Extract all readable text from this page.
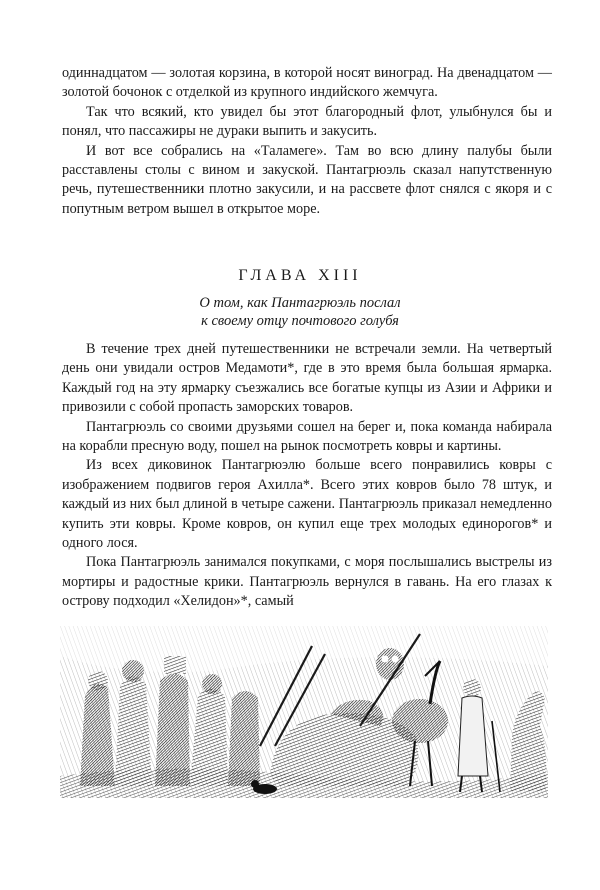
одиннадцатом — золотая корзина, в которой носят виноград. На двенадцатом — золотой бочонок с отделкой из крупного индийского жемчуга.

Так что всякий, кто увидел бы этот благородный флот, улыбнулся бы и понял, что пассажиры не дураки выпить и закусить.

И вот все собрались на «Таламеге». Там во всю длину палубы были расставлены столы с вином и закуской. Пантагрюэль сказал напутственную речь, путешественники плотно закусили, и на рассвете флот снялся с якоря и с попутным ветром вышел в открытое море.

ГЛАВА XIII
О том, как Пантагрюэль послал
к своему отцу почтового голубя

В течение трех дней путешественники не встречали земли. На четвертый день они увидали остров Медамоти*, где в это время была большая ярмарка. Каждый год на эту ярмарку съезжались все богатые купцы из Азии и Африки и привозили с собой пропасть заморских товаров.

Пантагрюэль со своими друзьями сошел на берег и, пока команда набирала на корабли пресную воду, пошел на рынок посмотреть ковры и картины.

Из всех диковинок Пантагрюэлю больше всего понравились ковры с изображением подвигов героя Ахилла*. Всего этих ковров было 78 штук, и каждый из них был длиной в четыре сажени. Пантагрюэль приказал немедленно купить эти ковры. Кроме ковров, он купил еще трех молодых единорогов* и одного лося.

Пока Пантагрюэль занимался покупками, с моря послышались выстрелы из мортиры и радостные крики. Пантагрюэль вернулся в гавань. На его глазах к острову подходил «Хелидон»*, самый
